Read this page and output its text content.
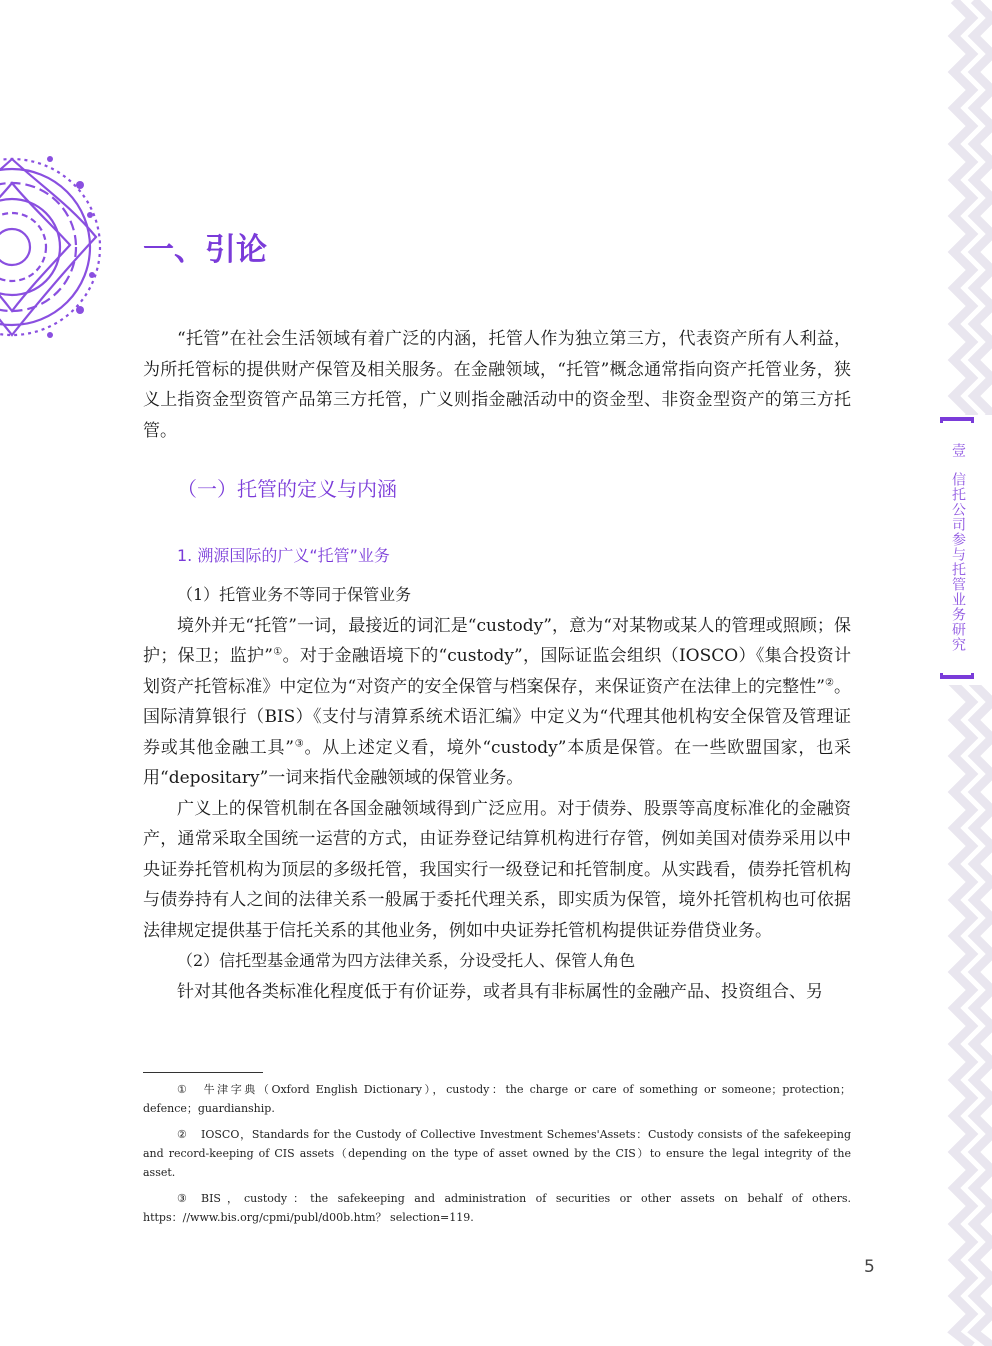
壹信托公司参与托管业务研究
一、引论

“托管”在社会生活领域有着广泛的内涵，托管人作为独立第三方，代表资产所有人利益，为所托管标的提供财产保管及相关服务。在金融领域，“托管”概念通常指向资产托管业务，狭义上指资金型资管产品第三方托管，广义则指金融活动中的资金型、非资金型资产的第三方托管。

（一）托管的定义与内涵
1. 溯源国际的广义“托管”业务

（1）托管业务不等同于保管业务

境外并无“托管”一词，最接近的词汇是“custody”，意为“对某物或某人的管理或照顾；保护；保卫；监护”①。对于金融语境下的“custody”，国际证监会组织（IOSCO）《集合投资计划资产托管标准》中定位为“对资产的安全保管与档案保存，来保证资产在法律上的完整性”②。国际清算银行（BIS）《支付与清算系统术语汇编》中定义为“代理其他机构安全保管及管理证券或其他金融工具”③。从上述定义看，境外“custody”本质是保管。在一些欧盟国家，也采用“depositary”一词来指代金融领域的保管业务。

广义上的保管机制在各国金融领域得到广泛应用。对于债券、股票等高度标准化的金融资产，通常采取全国统一运营的方式，由证券登记结算机构进行存管，例如美国对债券采用以中央证券托管机构为顶层的多级托管，我国实行一级登记和托管制度。从实践看，债券托管机构与债券持有人之间的法律关系一般属于委托代理关系，即实质为保管，境外托管机构也可依据法律规定提供基于信托关系的其他业务，例如中央证券托管机构提供证券借贷业务。

（2）信托型基金通常为四方法律关系，分设受托人、保管人角色

针对其他各类标准化程度低于有价证券，或者具有非标属性的金融产品、投资组合、另

① 牛津字典（Oxford English Dictionary），custody：the charge or care of something or someone；protection；defence；guardianship.

② IOSCO，Standards for the Custody of Collective Investment Schemes'Assets：Custody consists of the safekeeping and record-keeping of CIS assets（depending on the type of asset owned by the CIS）to ensure the legal integrity of the asset.

③ BIS，custody：the safekeeping and administration of securities or other assets on behalf of others. https：//www.bis.org/cpmi/publ/d00b.htm？ selection=119.

5
